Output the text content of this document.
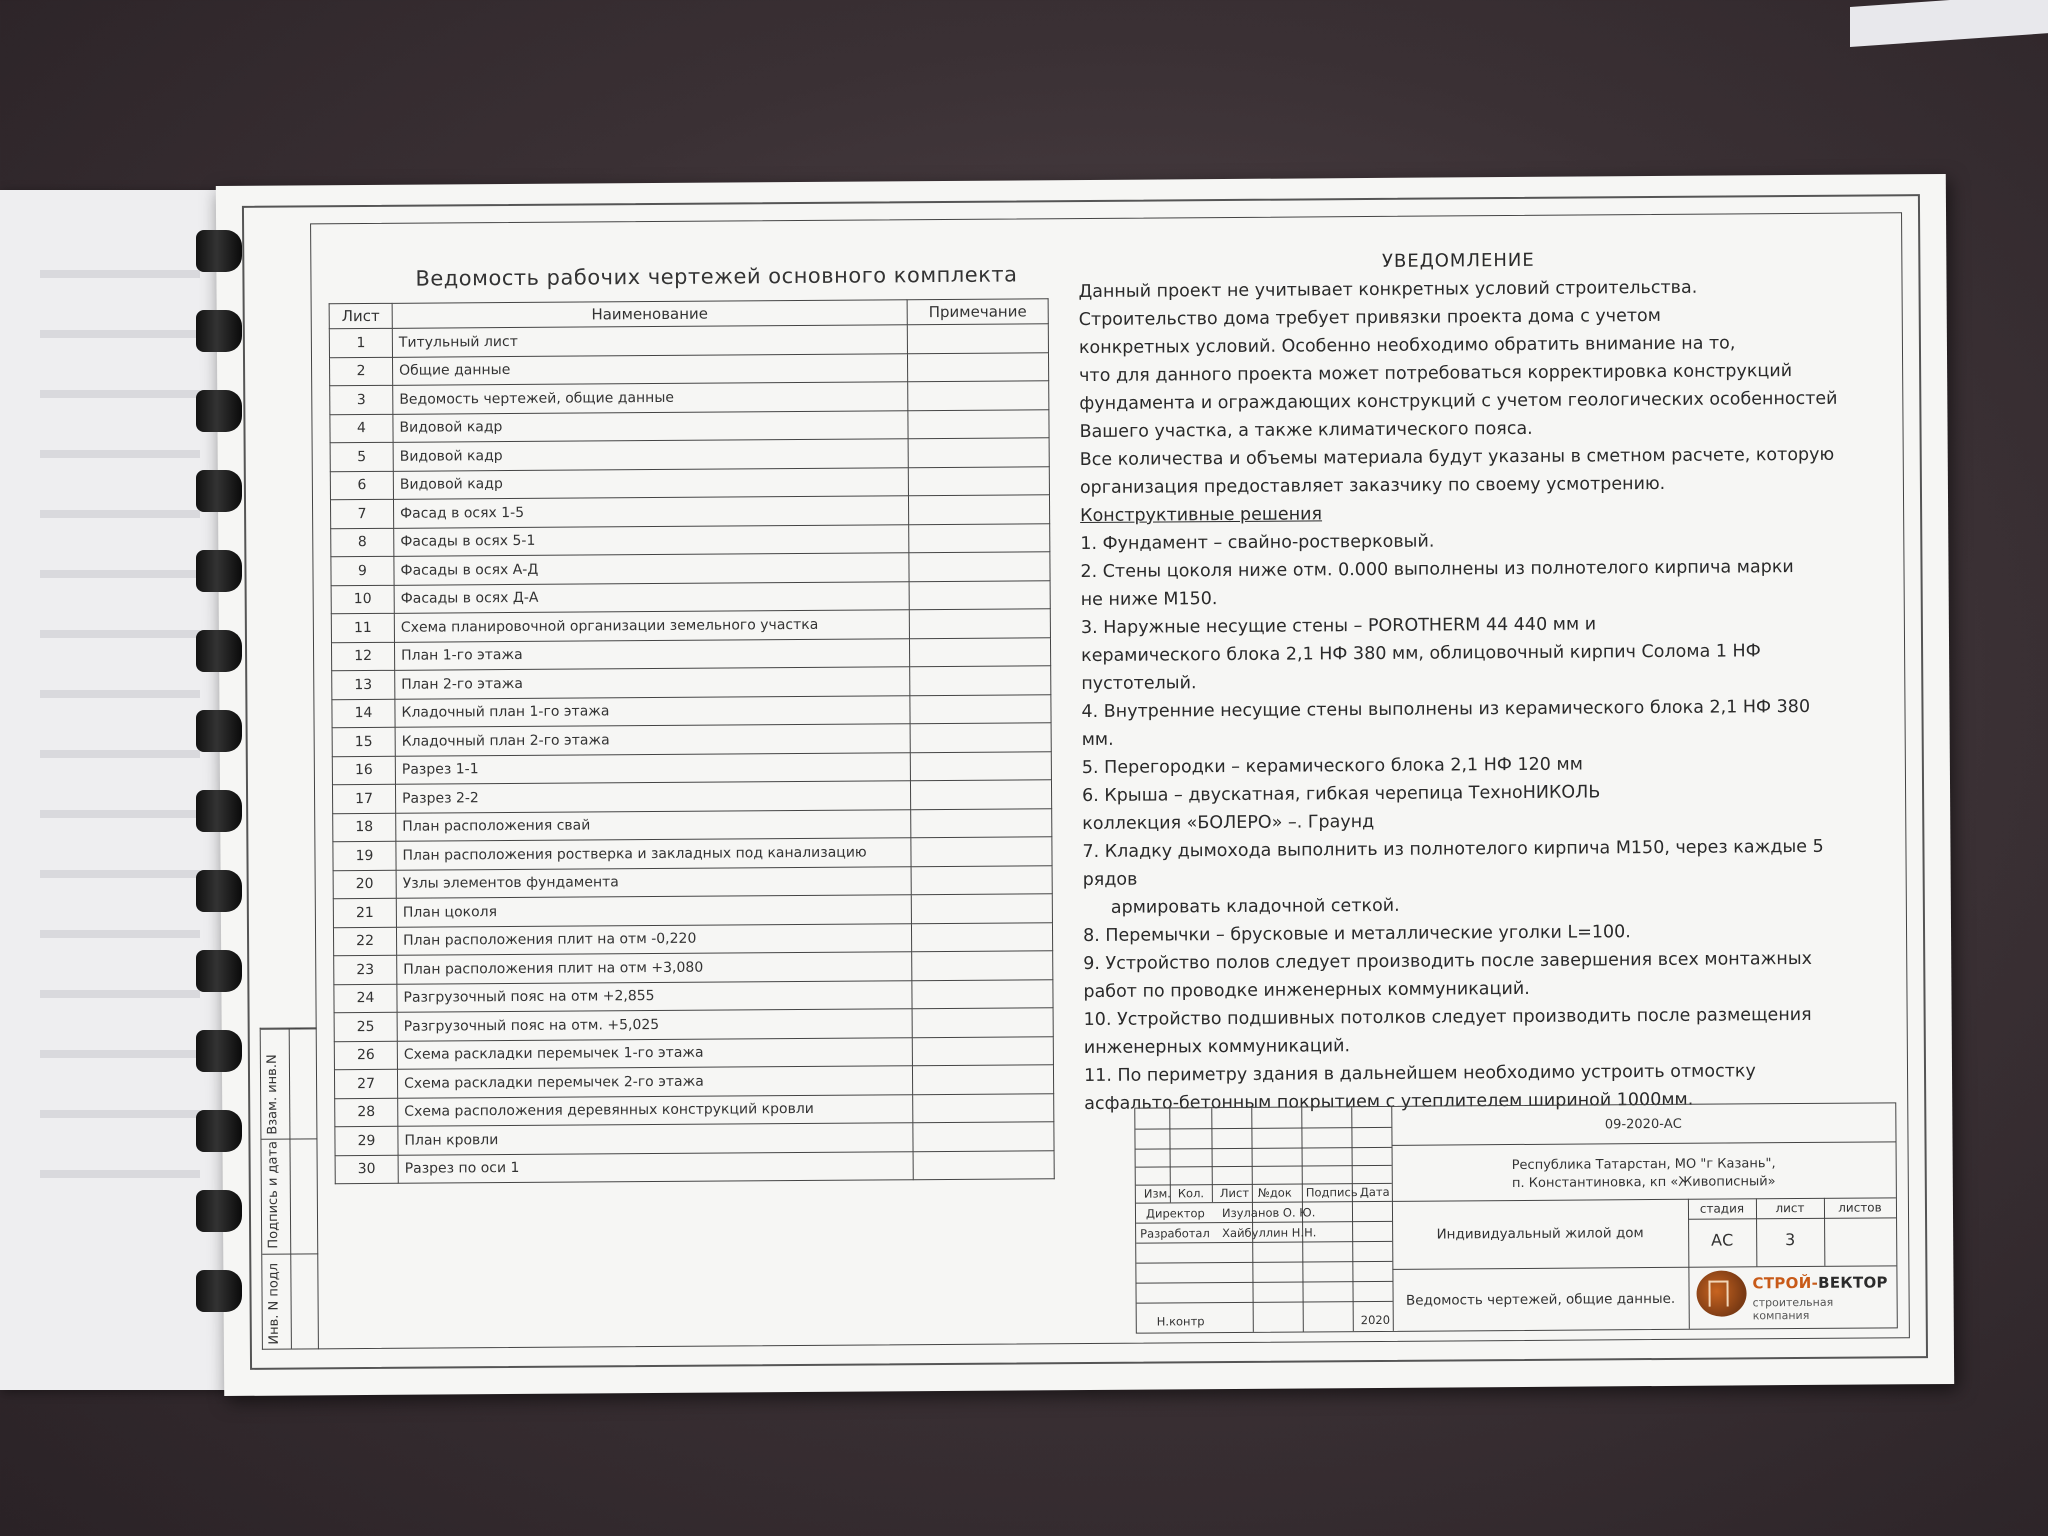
Взам. инв.N
Подпись и дата
Инв. N подл
Ведомость рабочих чертежей основного комплекта
Лист	Наименование	Примечание
1	Титульный лист	
2	Общие данные	
3	Ведомость чертежей, общие данные	
4	Видовой кадр	
5	Видовой кадр	
6	Видовой кадр	
7	Фасад в осях 1-5	
8	Фасады в осях 5-1	
9	Фасады в осях А-Д	
10	Фасады в осях Д-А	
11	Схема планировочной организации земельного участка	
12	План 1-го этажа	
13	План 2-го этажа	
14	Кладочный план 1-го этажа	
15	Кладочный план 2-го этажа	
16	Разрез 1-1	
17	Разрез 2-2	
18	План расположения свай	
19	План расположения ростверка и закладных под канализацию	
20	Узлы элементов фундамента	
21	План цоколя	
22	План расположения плит на отм -0,220	
23	План расположения плит на отм +3,080	
24	Разгрузочный пояс на отм +2,855	
25	Разгрузочный пояс на отм. +5,025	
26	Схема раскладки перемычек 1-го этажа	
27	Схема раскладки перемычек 2-го этажа	
28	Схема расположения деревянных конструкций кровли	
29	План кровли	
30	Разрез по оси 1	
УВЕДОМЛЕНИЕ

Данный проект не учитывает конкретных условий строительства.

Строительство дома требует привязки проекта дома с учетом

конкретных условий. Особенно необходимо обратить внимание на то,

что для данного проекта может потребоваться корректировка конструкций

фундамента и ограждающих конструкций с учетом геологических особенностей

Вашего участка, а также климатического пояса.

Все количества и объемы материала будут указаны в сметном расчете, которую

организация предоставляет заказчику по своему усмотрению.

Конструктивные решения

1. Фундамент – свайно-ростверковый.

2. Стены цоколя ниже отм. 0.000 выполнены из полнотелого кирпича марки

не ниже М150.

3. Наружные несущие стены – POROTHERM 44 440 мм и

керамического блока 2,1 НФ 380 мм, облицовочный кирпич Солома 1 НФ пустотелый.

4. Внутренние несущие стены выполнены из керамического блока 2,1 НФ 380 мм.

5. Перегородки – керамического блока 2,1 НФ 120 мм

6. Крыша – двускатная, гибкая черепица ТехноНИКОЛЬ

коллекция «БОЛЕРО» –. Граунд

7. Кладку дымохода выполнить из полнотелого кирпича М150, через каждые 5 рядов

армировать кладочной сеткой.

8. Перемычки – брусковые и металлические уголки L=100.

9. Устройство полов следует производить после завершения всех монтажных

работ по проводке инженерных коммуникаций.

10. Устройство подшивных потолков следует производить после размещения

инженерных коммуникаций.

11. По периметру здания в дальнейшем необходимо устроить отмостку

асфальто-бетонным покрытием с утеплителем шириной 1000мм.

Изм. Кол. Лист №док Подпись Дата
Директор Изуланов О. Ю.
Разработал Хайбуллин Н.Н.
Н.контр	2020
09-2020-АС
Республика Татарстан, МО "г Казань",
п. Константиновка, кп «Живописный»
Индивидуальный жилой дом
Ведомость чертежей, общие данные.
стадия	лист	листов
АС	3
СТРОЙ-ВЕКТОР
строительная компания
